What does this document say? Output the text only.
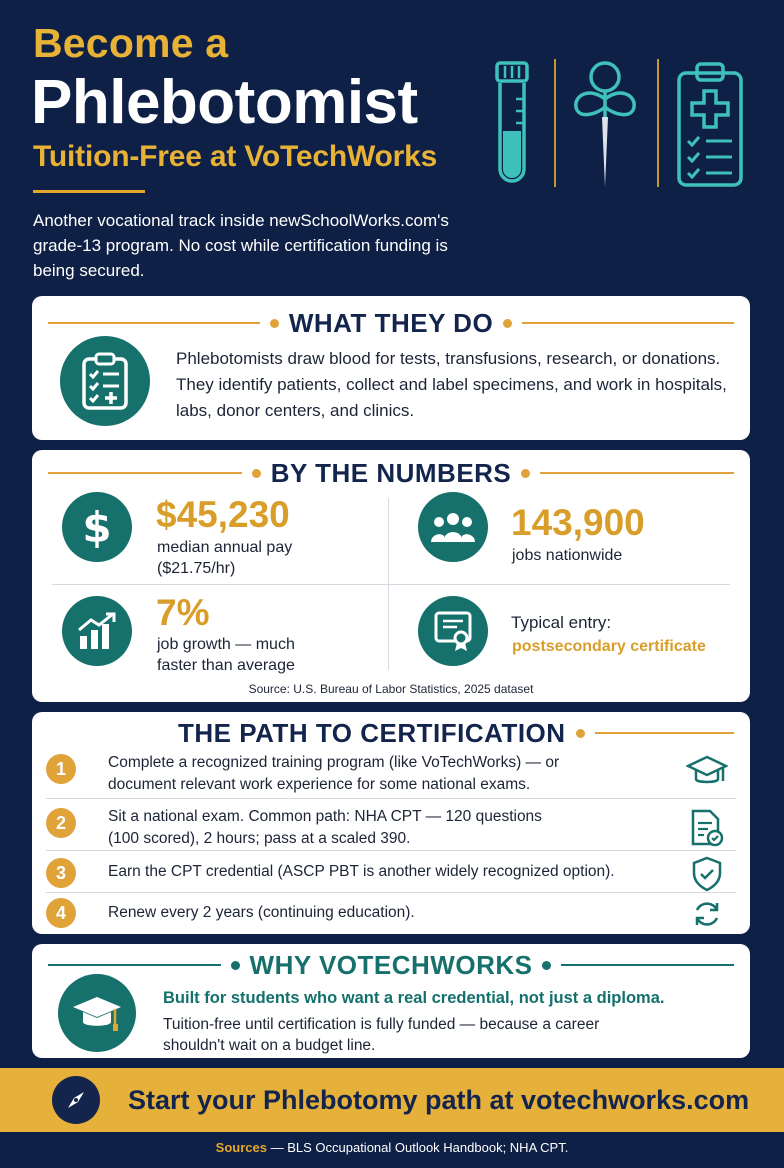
Become a
Phlebotomist
Tuition-Free at VoTechWorks
Another vocational track inside newSchoolWorks.com's grade-13 program. No cost while certification funding is being secured.
WHAT THEY DO
Phlebotomists draw blood for tests, transfusions, research, or donations. They identify patients, collect and label specimens, and work in hospitals, labs, donor centers, and clinics.
BY THE NUMBERS
$ $45,230
median annual pay
($21.75/hr)
143,900
jobs nationwide
7%
job growth — much
faster than average
Typical entry:
postsecondary certificate
Source: U.S. Bureau of Labor Statistics, 2025 dataset
THE PATH TO CERTIFICATION
1	Complete a recognized training program (like VoTechWorks) — or
document relevant work experience for some national exams.
2	Sit a national exam. Common path: NHA CPT — 120 questions
(100 scored), 2 hours; pass at a scaled 390.
3	Earn the CPT credential (ASCP PBT is another widely recognized option).
4	Renew every 2 years (continuing education).
WHY VOTECHWORKS
Built for students who want a real credential, not just a diploma.
Tuition-free until certification is fully funded — because a career shouldn't wait on a budget line.
Start your Phlebotomy path at votechworks.com
Sources — BLS Occupational Outlook Handbook; NHA CPT.
